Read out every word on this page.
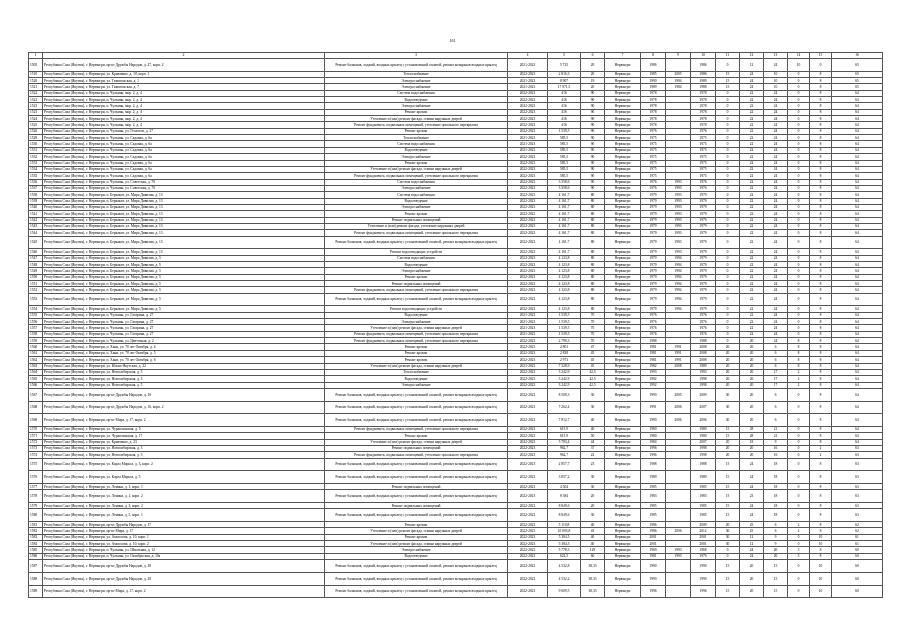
161
1	2	3	4	5	6	7	8	9	10	11	12	13	14	15	16
1505	Республика Саха (Якутия), г. Нерюнгри, пр-кт Дружбы Народов, д. 27, корп. 2	Ремонт балконов, лоджий, входных крылец с установленной оплатой, ремонт козырьков входных крылец	2021-2023	5 725	20	Нерюнгри	1986		1986	0	12	24	10	0	65
1510	Республика Саха (Якутия), г. Нерюнгри, ул. Кравченко, д. 10, корп. 1	Теплоснабжение	2022-2023	2 816,3	20	Нерюнгри	1985	2005	1986	15	24	10	0	8	65
1520	Республика Саха (Якутия), г. Нерюнгри, ул. Тимптонская, д. 1	Электроснабжение	2021-2023	8 907	19	Нерюнгри	1990	1994	1989	15	24	10	0	8	65
1521	Республика Саха (Якутия), г. Нерюнгри, ул. Тимптонская, д. 7	Электроснабжение	2021-2023	17 971,5	20	Нерюнгри	1989	1984	1988	15	24	10	0	8	65
1522	Республика Саха (Якутия), г. Нерюнгри, п. Чульман, мкр. 2, д. 4	Система водоснабжения	2022-2023	416	90	Нерюнгри	1978		1978	0	22	24	0	8	64
1522	Республика Саха (Якутия), г. Нерюнгри, п. Чульман, мкр. 2, д. 4	Водоотведение	2022-2023	416	90	Нерюнгри	1978		1978	0	22	24	0	8	64
1523	Республика Саха (Якутия), г. Нерюнгри, п. Чульман, мкр. 2, д. 4	Электроснабжение	2022-2023	416	90	Нерюнгри	1978		1978	0	22	24	0	8	64
1523	Республика Саха (Якутия), г. Нерюнгри, п. Чульман, мкр. 2, д. 4	Ремонт кровли	2022-2023	416	90	Нерюнгри	1978		1978	0	22	24	0	8	64
1524	Республика Саха (Якутия), г. Нерюнгри, п. Чульман, мкр. 2, д. 4	Утепление и (или) ремонт фасада, ставни наружных дверей	2022-2023	416	90	Нерюнгри	1978		1978	0	22	24	0	8	64
1525	Республика Саха (Якутия), г. Нерюнгри, п. Чульман, мкр. 2, д. 4	Ремонт фундамента, подвальных помещений, утепление цокольного перекрытия	2022-2023	416	90	Нерюнгри	1978		1978	0	22	24	0	8	64
1526	Республика Саха (Якутия), г. Нерюнгри, п. Чульман, ул. Геологов, д. 27	Ремонт кровли	2022-2023	1 539,5	90	Нерюнгри	1976		1976	0	22	24	0	8	64
1529	Республика Саха (Якутия), г. Нерюнгри, п. Чульман, ул. Садовая, д. 6а	Теплоснабжение	2021-2023	585,5	90	Нерюнгри	1975		1975	0	22	24	0	8	64
1530	Республика Саха (Якутия), г. Нерюнгри, п. Чульман, ул. Садовая, д. 6а	Система водоснабжения	2021-2023	585,5	90	Нерюнгри	1975		1975	0	22	24	0	8	64
1531	Республика Саха (Якутия), г. Нерюнгри, п. Чульман, ул. Садовая, д. 6а	Водоотведение	2021-2023	585,5	90	Нерюнгри	1975		1975	0	22	24	0	8	64
1532	Республика Саха (Якутия), г. Нерюнгри, п. Чульман, ул. Садовая, д. 6а	Электроснабжение	2022-2023	585,5	90	Нерюнгри	1975		1975	0	22	24	0	8	64
1533	Республика Саха (Якутия), г. Нерюнгри, п. Чульман, ул. Садовая, д. 6а	Ремонт кровли	2022-2023	585,5	90	Нерюнгри	1975		1975	0	22	24	0	8	64
1534	Республика Саха (Якутия), г. Нерюнгри, п. Чульман, ул. Садовая, д. 6а	Утепление и (или) ремонт фасада, ставни наружных дверей	2022-2023	585,5	90	Нерюнгри	1975		1975	0	22	24	0	8	64
1535	Республика Саха (Якутия), г. Нерюнгри, п. Чульман, ул. Садовая, д. 6а	Ремонт фундамента, подвальных помещений, утепление цокольного перекрытия	2022-2023	585,5	90	Нерюнгри	1975		1975	0	22	24	0	8	64
1536	Республика Саха (Якутия), г. Нерюнгри, п. Чульман, ул. Советская, д. 70	Система водоснабжения	2022-2023	3 358,6	90	Нерюнгри	1976	1993	1976	0	22	24	0	8	64
1537	Республика Саха (Якутия), г. Нерюнгри, п. Чульман, ул. Советская, д. 70	Электроснабжение	2022-2023	3 358,6	90	Нерюнгри	1976	1993	1976	0	22	24	0	8	64
1538	Республика Саха (Якутия), г. Нерюнгри, п. Беркакит, ул. Мира Дивизии, д. 13	Система водоснабжения	2022-2023	4 161,7	80	Нерюнгри	1979	1993	1979	0	22	24	0	8	64
1539	Республика Саха (Якутия), г. Нерюнгри, п. Беркакит, ул. Мира Дивизии, д. 13	Водоотведение	2022-2023	4 161,7	80	Нерюнгри	1979	1993	1979	0	22	24	0	8	64
1540	Республика Саха (Якутия), г. Нерюнгри, п. Беркакит, ул. Мира Дивизии, д. 13	Электроснабжение	2022-2023	4 161,7	80	Нерюнгри	1979	1993	1979	0	22	24	0	8	64
1541	Республика Саха (Якутия), г. Нерюнгри, п. Беркакит, ул. Мира Дивизии, д. 13	Ремонт кровли	2022-2023	4 161,7	80	Нерюнгри	1979	1993	1979	0	22	24	0	8	64
1542	Республика Саха (Якутия), г. Нерюнгри, п. Беркакит, ул. Мира Дивизии, д. 13	Ремонт подвальных помещений	2022-2023	4 161,7	80	Нерюнгри	1979	1993	1979	0	22	24	0	8	64
1543	Республика Саха (Якутия), г. Нерюнгри, п. Беркакит, ул. Мира Дивизии, д. 13	Утепление и (или) ремонт фасада, утепление наружных дверей	2022-2023	4 161,7	80	Нерюнгри	1979	1993	1979	0	22	24	0	8	64
1544	Республика Саха (Якутия), г. Нерюнгри, п. Беркакит, ул. Мира Дивизии, д. 13	Ремонт фундамента, подвальных помещений, утепление цокольного перекрытия	2022-2023	4 161,7	80	Нерюнгри	1979	1993	1979	0	22	24	0	8	64
1545	Республика Саха (Якутия), г. Нерюнгри, п. Беркакит, ул. Мира Дивизии, д. 13	Ремонт балконов, лоджий, входных крылец с установленной оплатой, ремонт козырьков входных крылец	2022-2023	4 161,7	80	Нерюнгри	1979	1993	1979	0	22	24	0	8	64
1546	Республика Саха (Якутия), г. Нерюнгри, п. Беркакит, ул. Мира Дивизии, д. 13	Ремонт водоотводящих устройств	2022-2023	4 161,7	80	Нерюнгри	1979	1993	1979	0	22	24	0	8	64
1547	Республика Саха (Якутия), г. Нерюнгри, п. Беркакит, ул. Мира Дивизии, д. 5	Система водоснабжения	2022-2023	4 123,8	80	Нерюнгри	1979	1994	1979	0	22	24	0	8	64
1548	Республика Саха (Якутия), г. Нерюнгри, п. Беркакит, ул. Мира Дивизии, д. 5	Водоотведение	2022-2023	4 123,8	80	Нерюнгри	1979	1994	1979	0	22	24	0	8	64
1549	Республика Саха (Якутия), г. Нерюнгри, п. Беркакит, ул. Мира Дивизии, д. 5	Электроснабжение	2022-2023	4 123,8	80	Нерюнгри	1979	1994	1979	0	22	24	0	8	64
1550	Республика Саха (Якутия), г. Нерюнгри, п. Беркакит, ул. Мира Дивизии, д. 5	Ремонт кровли	2022-2023	4 123,8	80	Нерюнгри	1979	1994	1979	0	22	24	0	8	64
1551	Республика Саха (Якутия), г. Нерюнгри, п. Беркакит, ул. Мира Дивизии, д. 5	Ремонт подвальных помещений	2022-2023	4 123,8	80	Нерюнгри	1979	1994	1979	0	22	24	0	8	64
1552	Республика Саха (Якутия), г. Нерюнгри, п. Беркакит, ул. Мира Дивизии, д. 5	Ремонт фундамента, подвальных помещений, утепление цокольного перекрытия	2022-2023	4 123,8	80	Нерюнгри	1979	1994	1979	0	22	24	0	8	64
1553	Республика Саха (Якутия), г. Нерюнгри, п. Беркакит, ул. Мира Дивизии, д. 5	Ремонт балконов, лоджий, входных крылец с установленной оплатой, ремонт козырьков входных крылец	2022-2023	4 123,8	80	Нерюнгри	1979	1994	1979	0	22	24	0	8	64
1554	Республика Саха (Якутия), г. Нерюнгри, п. Беркакит, ул. Мира Дивизии, д. 5	Ремонт водоотводящих устройств	2022-2023	4 123,8	80	Нерюнгри	1979	1994	1979	0	22	24	0	8	64
1555	Республика Саха (Якутия), г. Нерюнгри, п. Чульман, ул. Гагарина, д. 27	Водоотведение	2021-2023	1 539,5	70	Нерюнгри	1976		1976	0	22	24	0	8	64
1556	Республика Саха (Якутия), г. Нерюнгри, п. Чульман, ул. Гагарина, д. 27	Электроснабжение	2021-2023	1 539,5	70	Нерюнгри	1976		1976	0	22	24	0	8	64
1557	Республика Саха (Якутия), г. Нерюнгри, п. Чульман, ул. Гагарина, д. 27	Утепление и (или) ремонт фасада, ставни наружных дверей	2021-2023	1 539,5	70	Нерюнгри	1976		1976	0	22	24	0	8	64
1558	Республика Саха (Якутия), г. Нерюнгри, п. Чульман, ул. Гагарина, д. 27	Ремонт фундамента, подвальных помещений, утепление цокольного перекрытия	2021-2023	1 539,5	70	Нерюнгри	1976		1976	0	22	24	0	8	64
1559	Республика Саха (Якутия), г. Нерюнгри, п. Чульман, ул. Цветочная, д. 2	Ремонт фундамента, подвальных помещений, утепление цокольного перекрытия	2022-2023	2 790,3	70	Нерюнгри	1988		1988	0	20	24	8	8	64
1560	Республика Саха (Якутия), г. Нерюнгри, п. Хани, ул. 70 лет Октября, д. 4	Ремонт кровли	2022-2023	2 801	47	Нерюнгри	1981	1991	2008	20	20	6	8	8	64
1561	Республика Саха (Якутия), г. Нерюнгри, п. Хани, ул. 70 лет Октября, д. 5	Ремонт кровли	2022-2023	2 828	45	Нерюнгри	1981	1991	2008	20	20	6	8	8	64
1562	Республика Саха (Якутия), г. Нерюнгри, п. Хани, ул. 70 лет Октября, д. 6	Ремонт кровли	2022-2023	2 973	45	Нерюнгри	1981	1991	2008	20	20	6	8	8	64
1563	Республика Саха (Якутия), г. Нерюнгри, ул. Южно-Якутская, д. 22	Утепление и (или) ремонт фасада, ставни наружных дверей	2021-2023	7 328,9	45	Нерюнгри	1982	2008	1989	20	20	6	8	8	64
1564	Республика Саха (Якутия), г. Нерюнгри, ул. Новосибирская, д. 5	Теплоснабжение	2022-2023	3 242,9	42,5	Нерюнгри	1993		1993	20	20	17	2	8	64
1565	Республика Саха (Якутия), г. Нерюнгри, ул. Новосибирская, д. 5	Водоотведение	2022-2023	3 242,9	42,5	Нерюнгри	1992		1998	20	20	17	2	8	64
1566	Республика Саха (Якутия), г. Нерюнгри, ул. Новосибирская, д. 5	Электроснабжение	2022-2023	3 242,9	42,5	Нерюнгри	1992		1998	20	20	17	2	8	64
1567	Республика Саха (Якутия), г. Нерюнгри, пр-кт Дружбы Народов, д. 16	Ремонт балконов, лоджий, входных крылец с установленной оплатой, ремонт козырьков входных крылец	2022-2023	8 500,3	30	Нерюнгри	1990	2005	2009	30	20	6	0	8	64
1568	Республика Саха (Якутия), г. Нерюнгри, пр-кт Дружбы Народов, д. 16, корп. 2	Ремонт балконов, лоджий, входных крылец с установленной оплатой, ремонт козырьков входных крылец	2022-2023	7 262,4	30	Нерюнгри	1991	2006	2007	30	20	6	0	8	64
1569	Республика Саха (Якутия), г. Нерюнгри, пр-кт Мира, д. 17, корп. 2	Ремонт балконов, лоджий, входных крылец с установленной оплатой, ремонт козырьков входных крылец	2022-2023	7 812,7	40	Нерюнгри	1990	2006	2006	30	20	6	0	8	64
1570	Республика Саха (Якутия), г. Нерюнгри, ул. Чурапчинская, д. 5	Ремонт фундамента, подвальных помещений, утепление цокольного перекрытия	2022-2023	615,9	40	Нерюнгри	1980		1980	15	28	21	0	8	64
1571	Республика Саха (Якутия), г. Нерюнгри, ул. Чурапчинская, д. 17	Ремонт кровли	2022-2023	615,9	50	Нерюнгри	1980		1980	15	28	21	0	8	64
1572	Республика Саха (Якутия), г. Нерюнгри, ул. Кравченко, д. 23	Утепление и (или) ремонт фасада, ставни наружных дверей	2022-2023	5 783,4	44	Нерюнгри	1984		2007	20	18	9	0	8	64
1573	Республика Саха (Якутия), г. Нерюнгри, ул. Новосибирская, д. 3	Ремонт подвальных помещений	2022-2023	962,7	37	Нерюнгри	1996		1998	20	20	16	0	2	63
1574	Республика Саха (Якутия), г. Нерюнгри, ул. Новосибирская, д. 3	Ремонт фундамента, подвальных помещений, утепление цокольного перекрытия	2022-2023	962,7	22	Нерюнгри	1996		1998	20	20	16	0	2	63
1575	Республика Саха (Якутия), г. Нерюнгри, ул. Карла Маркса, д. 3, корп. 2	Ремонт балконов, лоджий, входных крылец с установленной оплатой, ремонт козырьков входных крылец	2022-2023	2 857,7	23	Нерюнгри	1988		1988	15	24	18	0	8	63
1576	Республика Саха (Якутия), г. Нерюнгри, ул. Карла Маркса, д. 5	Ремонт балконов, лоджий, входных крылец с установленной оплатой, ремонт козырьков входных крылец	2022-2023	3 857,2	30	Нерюнгри	1989		1989	15	24	18	0	8	63
1577	Республика Саха (Якутия), г. Нерюнгри, ул. Ленина, д. 1, корп. 1	Ремонт подвальных помещений	2022-2023	4 304	30	Нерюнгри	1985		1985	15	24	18	0	8	63
1578	Республика Саха (Якутия), г. Нерюнгри, ул. Ленина, д. 1, корп. 2	Ремонт балконов, лоджий, входных крылец с установленной оплатой, ремонт козырьков входных крылец	2022-2023	8 384	20	Нерюнгри	1983		1983	15	23	18	0	8	63
1579	Республика Саха (Якутия), г. Нерюнгри, ул. Ленина, д. 3, корп. 2	Ремонт подвальных помещений	2022-2023	8 849,6	20	Нерюнгри	1985		1985	15	24	18	0	8	63
1580	Республика Саха (Якутия), г. Нерюнгри, ул. Ленина, д. 5, корп. 1	Ремонт балконов, лоджий, входных крылец с установленной оплатой, ремонт козырьков входных крылец	2022-2023	8 849,6	30	Нерюнгри	1985		1985	15	24	18	0	8	63
1581	Республика Саха (Якутия), г. Нерюнгри, пр-кт Дружбы Народов, д. 17	Ремонт кровли	2022-2023	5 110,8	40	Нерюнгри	1986		2009	20	25	6	2	8	62
1582	Республика Саха (Якутия), г. Нерюнгри, пр-кт Мира, д. 17	Утепление и (или) ремонт фасада, ставни наружных дверей	2022-2023	10 003,8	43	Нерюнгри	1986	2006	2012	30	25	6	2	8	62
1583	Республика Саха (Якутия), г. Нерюнгри, ул. Аммосова, д. 10, корп. 1	Ремонт кровли	2022-2023	5 384,5	40	Нерюнгри	2001		2001	30	12	9	0	10	61
1584	Республика Саха (Якутия), г. Нерюнгри, ул. Аммосова, д. 10, корп. 2	Утепление и (или) ремонт фасада, ставни наружных дверей	2022-2023	5 384,5	40	Нерюнгри	2001		2001	30	12	9	0	10	61
1585	Республика Саха (Якутия), г. Нерюнгри, п. Чульман, ул. Школьная, д. 12	Электроснабжение	2022-2023	5 778,3	129	Нерюнгри	1969	1993	1968	0	24	20	5	8	60
1586	Республика Саха (Якутия), г. Нерюнгри, п. Чульман, ул. Октябрьская, д. 10а	Водоотведение	2022-2023	622,5	60	Нерюнгри	1981	1993	1979	0	24	20	5	8	60
1587	Республика Саха (Якутия), г. Нерюнгри, пр-кт Дружбы Народов, д. 18	Ремонт балконов, лоджий, входных крылец с установленной оплатой, ремонт козырьков входных крылец	2022-2023	4 532,8	38,33	Нерюнгри	1990		1990	15	20	15	0	10	60
1588	Республика Саха (Якутия), г. Нерюнгри, пр-кт Дружбы Народов, д. 20	Ремонт балконов, лоджий, входных крылец с установленной оплатой, ремонт козырьков входных крылец	2022-2023	4 532,2	38,33	Нерюнгри	1990		1990	15	20	15	0	10	60
1589	Республика Саха (Якутия), г. Нерюнгри, пр-кт Мира, д. 17, корп. 2	Ремонт балконов, лоджий, входных крылец с установленной оплатой, ремонт козырьков входных крылец	2022-2023	9 609,5	38,33	Нерюнгри	1996		1996	15	20	15	0	10	60
